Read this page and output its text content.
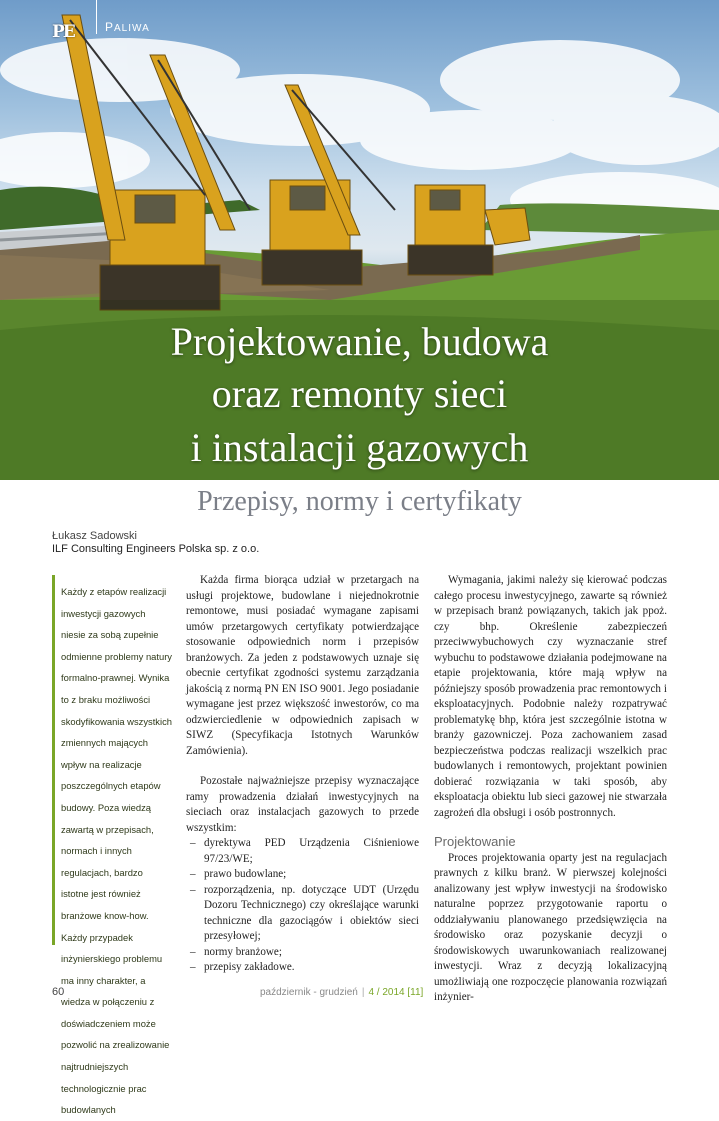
PE	PALIWA
Projektowanie, budowa
oraz remonty sieci
i instalacji gazowych
Przepisy, normy i certyfikaty
Łukasz Sadowski
ILF Consulting Engineers Polska sp. z o.o.

Każdy z etapów realizacji inwestycji gazowych niesie za sobą zupełnie odmienne problemy natury formalno-prawnej. Wynika to z braku możliwości skodyfikowania wszystkich zmiennych mających wpływ na realizacje poszczególnych etapów budowy. Poza wiedzą zawartą w przepisach, normach i innych regulacjach, bardzo istotne jest również branżowe know-how. Każdy przypadek inżynierskiego problemu ma inny charakter, a wiedza w połączeniu z doświadczeniem może pozwolić na zrealizowanie najtrudniejszych technologicznie prac budowlanych

Każda firma biorąca udział w przetargach na usługi projektowe, budowlane i niejednokrotnie remontowe, musi posiadać wymagane zapisami umów przetargowych certyfikaty potwierdzające stosowanie odpowiednich norm i przepisów branżowych. Za jeden z podstawowych uznaje się obecnie certyfikat zgodności systemu zarządzania jakością z normą PN EN ISO 9001. Jego posiadanie wymagane jest przez większość inwestorów, co ma odzwierciedlenie w odpowiednich zapisach w SIWZ (Specyfikacja Istotnych Warunków Zamówienia).

Pozostałe najważniejsze przepisy wyznaczające ramy prowadzenia działań inwestycyjnych na sieciach oraz instalacjach gazowych to przede wszystkim:

– dyrektywa PED Urządzenia Ciśnieniowe 97/23/WE;
– prawo budowlane;
– rozporządzenia, np. dotyczące UDT (Urzędu Dozoru Technicznego) czy określające warunki techniczne dla gazociągów i obiektów sieci przesyłowej;
– normy branżowe;
– przepisy zakładowe.

Wymagania, jakimi należy się kierować podczas całego procesu inwestycyjnego, zawarte są również w przepisach branż powiązanych, takich jak ppoż. czy bhp. Określenie zabezpieczeń przeciwwybuchowych czy wyznaczanie stref wybuchu to podstawowe działania podejmowane na etapie projektowania, które mają wpływ na późniejszy sposób prowadzenia prac remontowych i eksploatacyjnych. Podobnie należy rozpatrywać problematykę bhp, która jest szczególnie istotna w branży gazowniczej. Poza zachowaniem zasad bezpieczeństwa podczas realizacji wszelkich prac budowlanych i remontowych, projektant powinien dobierać rozwiązania w taki sposób, aby eksploatacja obiektu lub sieci gazowej nie stwarzała zagrożeń dla obsługi i osób postronnych.

Projektowanie

Proces projektowania oparty jest na regulacjach prawnych z kilku branż. W pierwszej kolejności analizowany jest wpływ inwestycji na środowisko naturalne poprzez przygotowanie raportu o oddziaływaniu planowanego przedsięwzięcia na środowisko oraz pozyskanie decyzji o środowiskowych uwarunkowaniach realizowanej inwestycji. Wraz z decyzją lokalizacyjną umożliwiają one rozpoczęcie planowania rozwiązań inżynier-

60	październik - grudzień | 4 / 2014 [11]
